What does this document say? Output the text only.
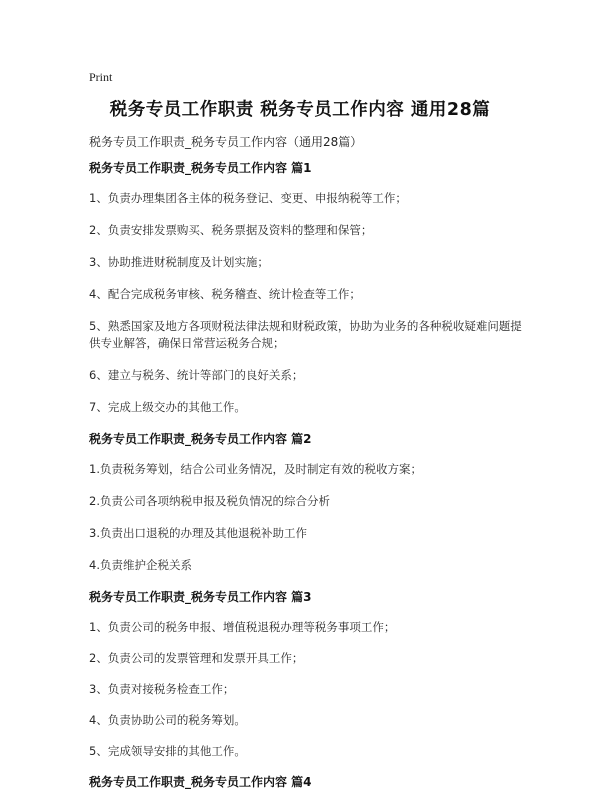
Print
税务专员工作职责 税务专员工作内容 通用28篇
税务专员工作职责_税务专员工作内容（通用28篇）
税务专员工作职责_税务专员工作内容 篇1
1、负责办理集团各主体的税务登记、变更、申报纳税等工作；
2、负责安排发票购买、税务票据及资料的整理和保管；
3、协助推进财税制度及计划实施；
4、配合完成税务审核、税务稽查、统计检查等工作；
5、熟悉国家及地方各项财税法律法规和财税政策，协助为业务的各种税收疑难问题提供专业解答，确保日常营运税务合规；
6、建立与税务、统计等部门的良好关系；
7、完成上级交办的其他工作。
税务专员工作职责_税务专员工作内容 篇2
1.负责税务筹划，结合公司业务情况，及时制定有效的税收方案；
2.负责公司各项纳税申报及税负情况的综合分析
3.负责出口退税的办理及其他退税补助工作
4.负责维护企税关系
税务专员工作职责_税务专员工作内容 篇3
1、负责公司的税务申报、增值税退税办理等税务事项工作；
2、负责公司的发票管理和发票开具工作；
3、负责对接税务检查工作；
4、负责协助公司的税务筹划。
5、完成领导安排的其他工作。
税务专员工作职责_税务专员工作内容 篇4
